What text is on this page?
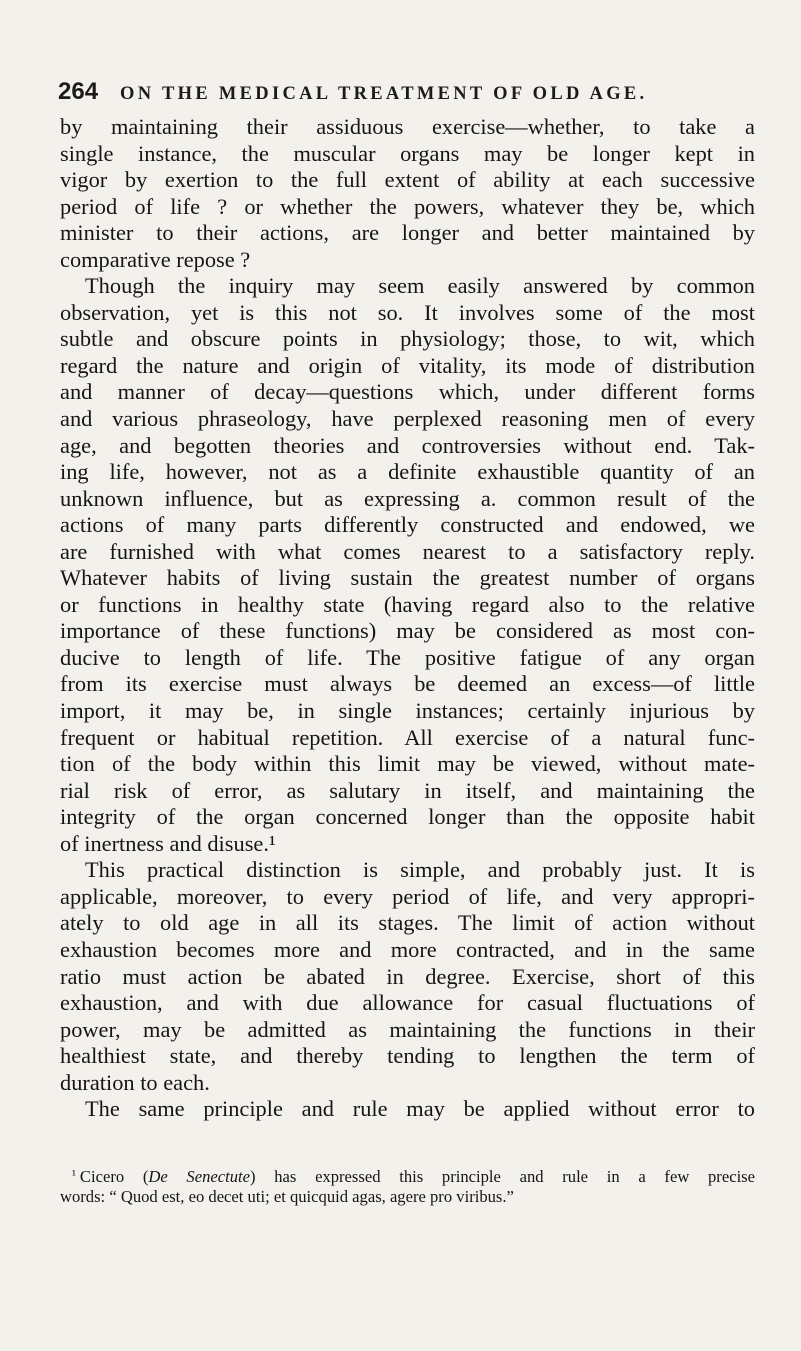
264 ON THE MEDICAL TREATMENT OF OLD AGE.
by maintaining their assiduous exercise—whether, to take a
single instance, the muscular organs may be longer kept in
vigor by exertion to the full extent of ability at each successive
period of life ? or whether the powers, whatever they be, which
minister to their actions, are longer and better maintained by
comparative repose ?
Though the inquiry may seem easily answered by common
observation, yet is this not so. It involves some of the most
subtle and obscure points in physiology; those, to wit, which
regard the nature and origin of vitality, its mode of distribution
and manner of decay—questions which, under different forms
and various phraseology, have perplexed reasoning men of every
age, and begotten theories and controversies without end. Tak-
ing life, however, not as a definite exhaustible quantity of an
unknown influence, but as expressing a. common result of the
actions of many parts differently constructed and endowed, we
are furnished with what comes nearest to a satisfactory reply.
Whatever habits of living sustain the greatest number of organs
or functions in healthy state (having regard also to the relative
importance of these functions) may be considered as most con-
ducive to length of life. The positive fatigue of any organ
from its exercise must always be deemed an excess—of little
import, it may be, in single instances; certainly injurious by
frequent or habitual repetition. All exercise of a natural func-
tion of the body within this limit may be viewed, without mate-
rial risk of error, as salutary in itself, and maintaining the
integrity of the organ concerned longer than the opposite habit
of inertness and disuse.¹
This practical distinction is simple, and probably just. It is
applicable, moreover, to every period of life, and very appropri-
ately to old age in all its stages. The limit of action without
exhaustion becomes more and more contracted, and in the same
ratio must action be abated in degree. Exercise, short of this
exhaustion, and with due allowance for casual fluctuations of
power, may be admitted as maintaining the functions in their
healthiest state, and thereby tending to lengthen the term of
duration to each.
The same principle and rule may be applied without error to
¹ Cicero (De Senectute) has expressed this principle and rule in a few precise
words: “ Quod est, eo decet uti; et quicquid agas, agere pro viribus.”
